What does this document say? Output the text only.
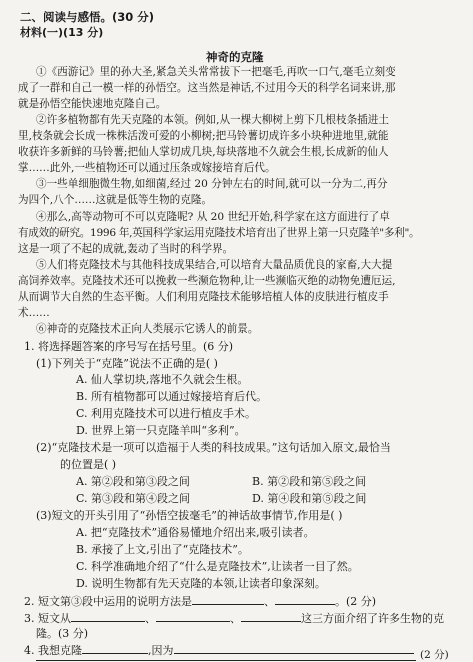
二、阅读与感悟。(30 分)
材料(一)(13 分)
神奇的克隆
①《西游记》里的孙大圣,紧急关头常常拔下一把毫毛,再吹一口气,毫毛立刻变
成了一群和自己一模一样的孙悟空。这当然是神话,不过用今天的科学名词来讲,那
就是孙悟空能快速地克隆自己。
②许多植物都有先天克隆的本领。例如,从一棵大柳树上剪下几根枝条插进土
里,枝条就会长成一株株活泼可爱的小柳树;把马铃薯切成许多小块种进地里,就能
收获许多新鲜的马铃薯;把仙人掌切成几块,每块落地不久就会生根,长成新的仙人
掌……此外,一些植物还可以通过压条或嫁接培育后代。
③一些单细胞微生物,如细菌,经过 20 分钟左右的时间,就可以一分为二,再分
为四个,八个……这就是低等生物的克隆。
④那么,高等动物可不可以克隆呢? 从 20 世纪开始,科学家在这方面进行了卓
有成效的研究。1996 年,英国科学家运用克隆技术培育出了世界上第一只克隆羊"多利"。
这是一项了不起的成就,轰动了当时的科学界。
⑤人们将克隆技术与其他科技成果结合,可以培育大量品质优良的家畜,大大提
高饲养效率。克隆技术还可以挽救一些濒危物种,让一些濒临灭绝的动物免遭厄运,
从而调节大自然的生态平衡。人们利用克隆技术能够培植人体的皮肤进行植皮手
术……
⑥神奇的克隆技术正向人类展示它诱人的前景。
1. 将选择题答案的序号写在括号里。(6 分)
(1)下列关于“克隆”说法不正确的是( )
A. 仙人掌切块,落地不久就会生根。
B. 所有植物都可以通过嫁接培育后代。
C. 利用克隆技术可以进行植皮手术。
D. 世界上第一只克隆羊叫“多利”。
(2)“克隆技术是一项可以造福于人类的科技成果。”这句话加入原文,最恰当
的位置是( )
A. 第②段和第③段之间	B. 第②段和第⑤段之间
C. 第③段和第④段之间	D. 第④段和第⑤段之间
(3)短文的开头引用了“孙悟空拔毫毛”的神话故事情节,作用是( )
A. 把“克隆技术”通俗易懂地介绍出来,吸引读者。
B. 承接了上文,引出了“克隆技术”。
C. 科学准确地介绍了“什么是克隆技术”,让读者一目了然。
D. 说明生物都有先天克隆的本领,让读者印象深刻。
2. 短文第③段中运用的说明方法是	、	。(2 分)
3. 短文从	、	、	这三方面介绍了许多生物的克
隆。(3 分)
4. 我想克隆	,因为	(2 分)
